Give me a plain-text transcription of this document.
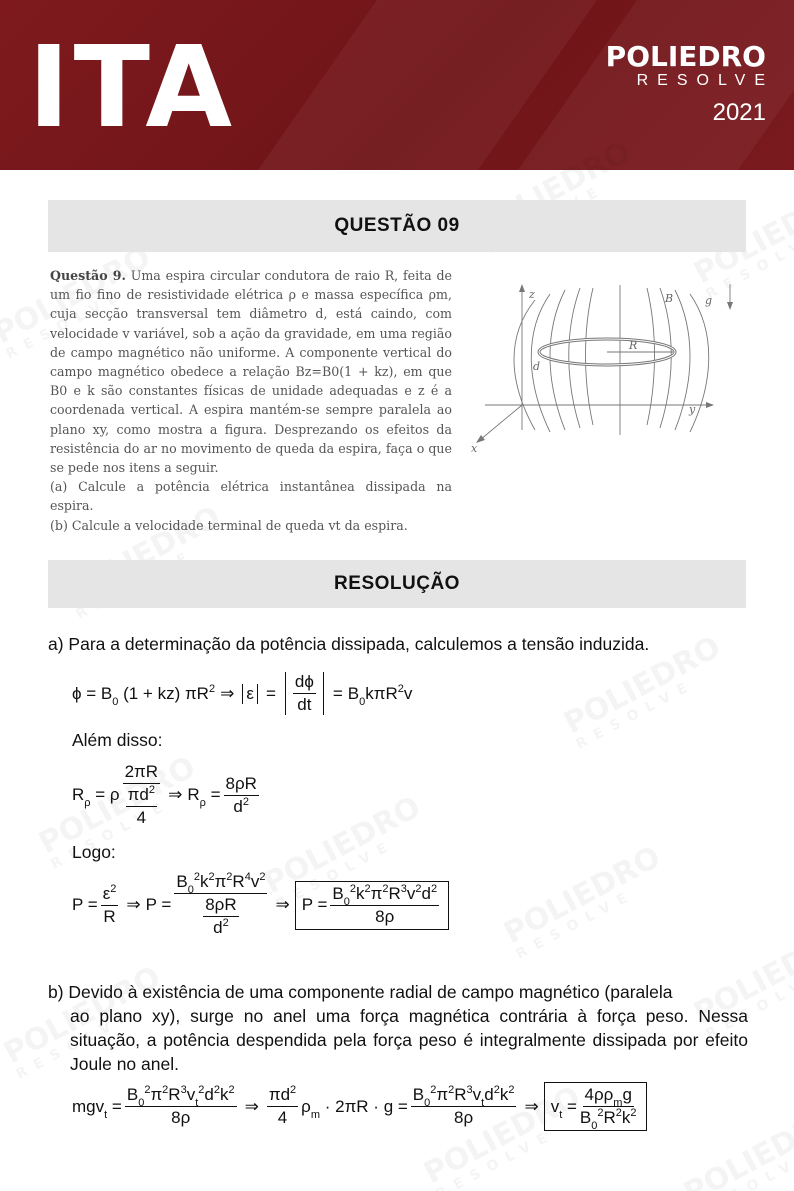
ITA	POLIEDRO
RESOLVE
2021
QUESTÃO 09

Questão 9. Uma espira circular condutora de raio R, feita de um fio fino de resistividade elétrica ρ e massa específica ρm, cuja secção transversal tem diâmetro d, está caindo, com velocidade v variável, sob a ação da gravidade, em uma região de campo magnético não uniforme. A componente vertical do campo magnético obedece a relação Bz=B0(1 + kz), em que B0 e k são constantes físicas de unidade adequadas e z é a coordenada vertical. A espira mantém-se sempre paralela ao plano xy, como mostra a figura. Desprezando os efeitos da resistência do ar no movimento de queda da espira, faça o que se pede nos itens a seguir.

(a) Calcule a potência elétrica instantânea dissipada na espira.

(b) Calcule a velocidade terminal de queda vt da espira.

z
y
x
B	g
R
d
RESOLUÇÃO
a) Para a determinação da potência dissipada, calculemos a tensão induzida.
$\phi = B_0$ (1 + kz) $\pi R^2$ ⇒ $\varepsilon = \frac{d\phi}{dt} = B_0k\pi R^2v$
Além disso:
$R_\rho = \rho \frac{2\pi R}{\frac{\pi d^2}{4}}$ ⇒ $R_\rho = \frac{8\rho R}{d^2}$
Logo:
$P = \frac{\varepsilon^2}{R}$ ⇒ $P = \frac{B_0^2k^2\pi^2R^4v^2}{\frac{8\rho R}{d^2}}$ ⇒ $P = \frac{B_0^2k^2\pi^2R^3v^2d^2}{8\rho}$
b) Devido à existência de uma componente radial de campo magnético (paralela
ao plano xy), surge no anel uma força magnética contrária à força peso. Nessa situação, a potência despendida pela força peso é integralmente dissipada por efeito Joule no anel.
$mgv_t = \frac{B_0^2\pi^2R^3v_t^2d^2k^2}{8\rho}$ ⇒ $\frac{\pi d^2}{4} \rho_m \cdot 2\pi R \cdot g = \frac{B_0^2\pi^2R^3v_td^2k^2}{8\rho}$ ⇒ $v_t = \frac{4\rho\rho_mg}{B_0^2R^2k^2}$
